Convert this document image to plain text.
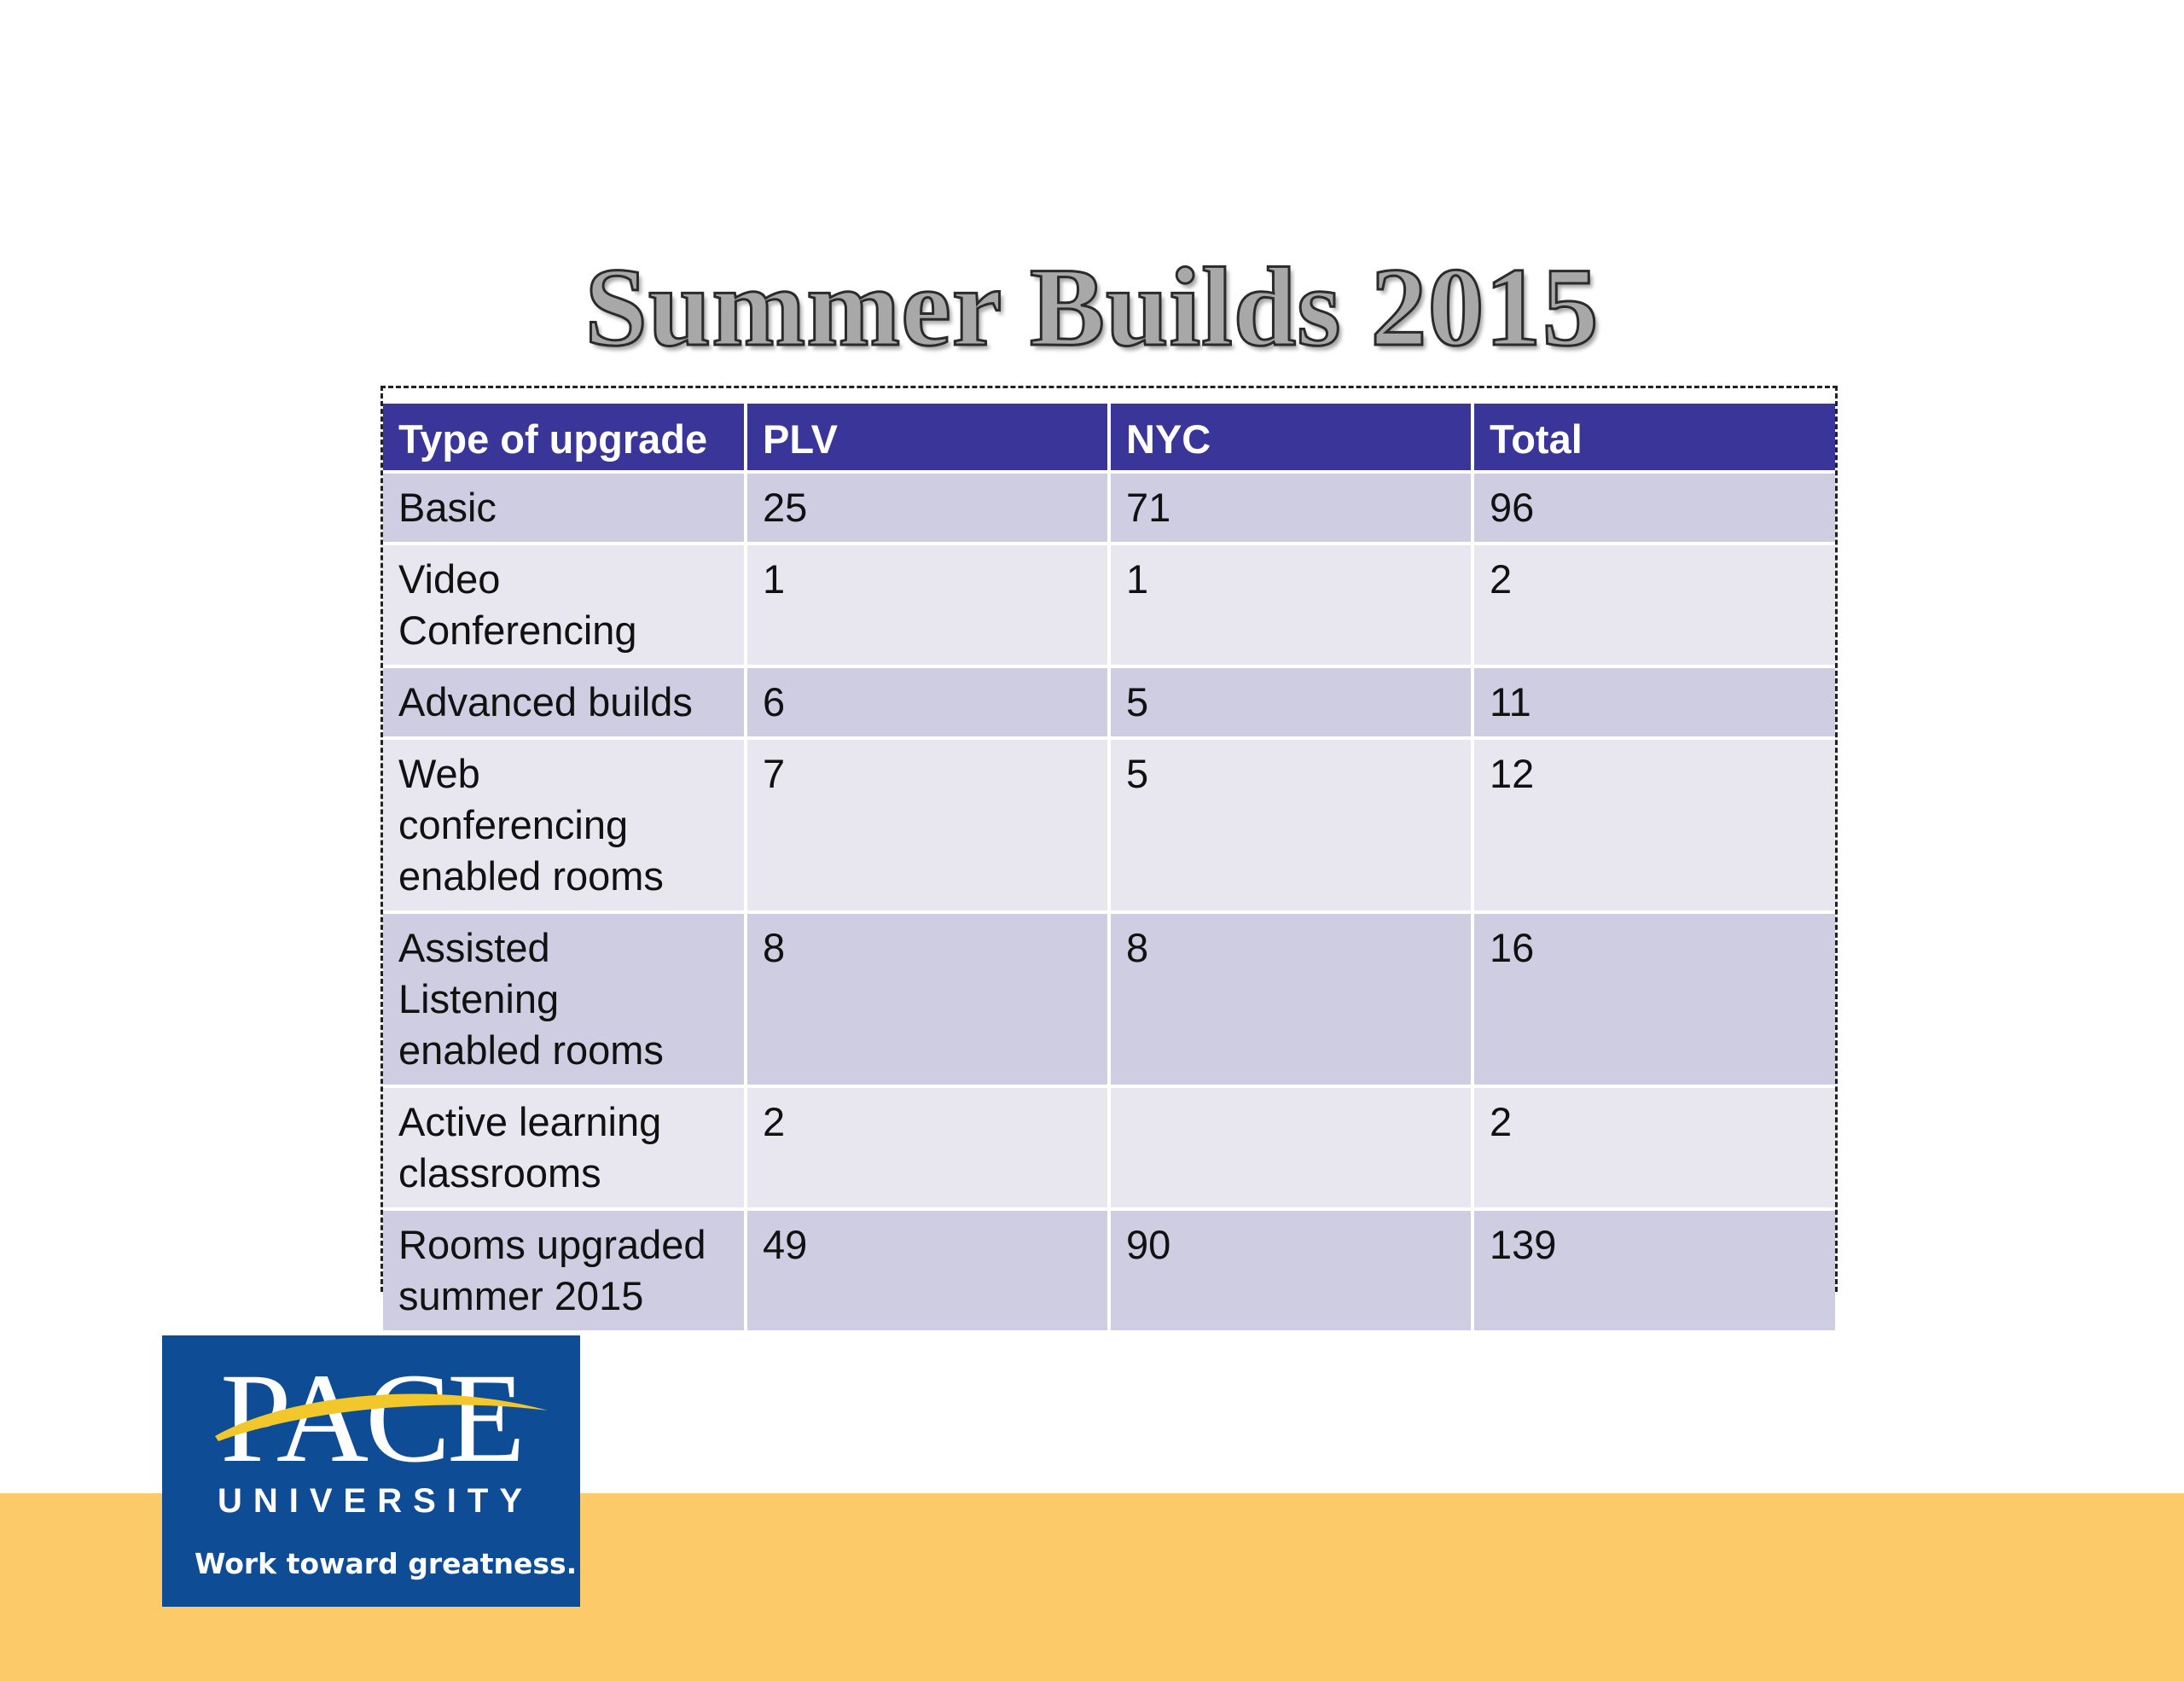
Summer Builds 2015
Type of upgrade	PLV	NYC	Total
Basic	25	71	96
Video Conferencing	1	1	2
Advanced builds	6	5	11
Web conferencing enabled rooms	7	5	12
Assisted Listening enabled rooms	8	8	16
Active learning classrooms	2		2
Rooms upgraded summer 2015	49	90	139
PACE
UNIVERSITY
Work toward greatness.
